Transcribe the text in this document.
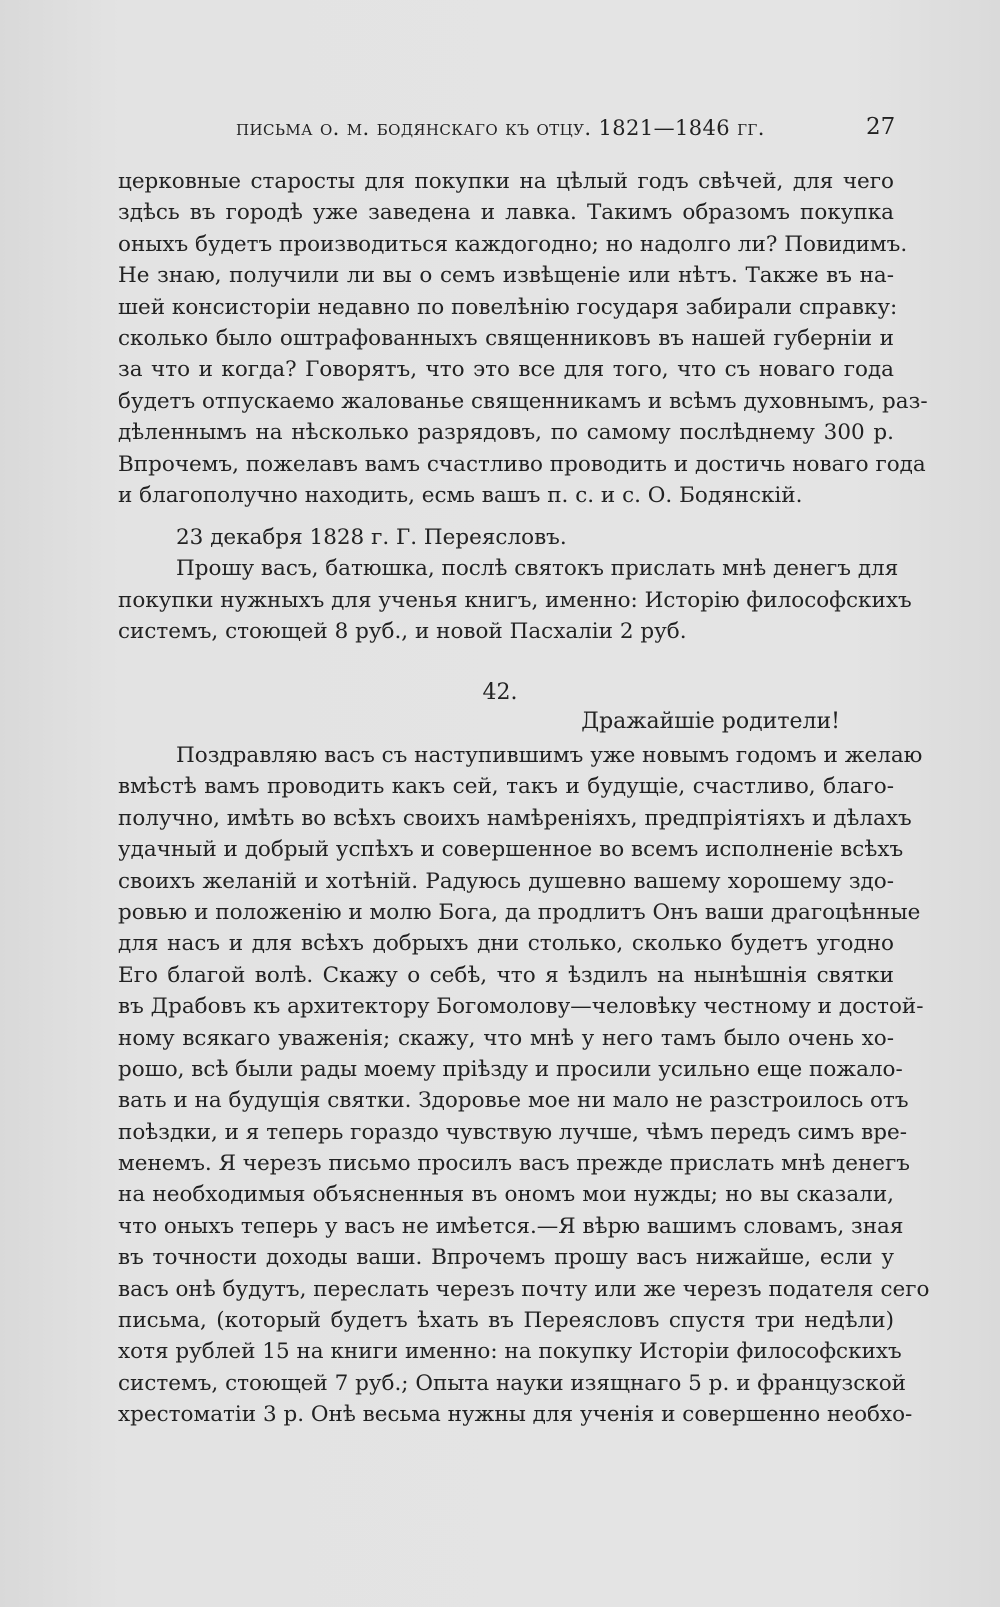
письма о. м. бодянскаго къ отцу. 1821—1846 гг.	27
церковные старосты для покупки на цѣлый годъ свѣчей, для чего
здѣсь въ городѣ уже заведена и лавка. Такимъ образомъ покупка
оныхъ будетъ производиться каждогодно; но надолго ли? Повидимъ.
Не знаю, получили ли вы о семъ извѣщеніе или нѣтъ. Также въ на-
шей консисторіи недавно по повелѣнію государя забирали справку:
сколько было оштрафованныхъ священниковъ въ нашей губерніи и
за что и когда? Говорятъ, что это все для того, что съ новаго года
будетъ отпускаемо жалованье священникамъ и всѣмъ духовнымъ, раз-
дѣленнымъ на нѣсколько разрядовъ, по самому послѣднему 300 р.
Впрочемъ, пожелавъ вамъ счастливо проводить и достичь новаго года
и благополучно находить, есмь вашъ п. с. и с. О. Бодянскій.
23 декабря 1828 г. Г. Переясловъ.
Прошу васъ, батюшка, послѣ святокъ прислать мнѣ денегъ для
покупки нужныхъ для ученья книгъ, именно: Исторію философскихъ
системъ, стоющей 8 руб., и новой Пасхаліи 2 руб.
42.
Дражайшіе родители!
Поздравляю васъ съ наступившимъ уже новымъ годомъ и желаю
вмѣстѣ вамъ проводить какъ сей, такъ и будущіе, счастливо, благо-
получно, имѣть во всѣхъ своихъ намѣреніяхъ, предпріятіяхъ и дѣлахъ
удачный и добрый успѣхъ и совершенное во всемъ исполненіе всѣхъ
своихъ желаній и хотѣній. Радуюсь душевно вашему хорошему здо-
ровью и положенію и молю Бога, да продлитъ Онъ ваши драгоцѣнные
для насъ и для всѣхъ добрыхъ дни столько, сколько будетъ угодно
Его благой волѣ. Скажу о себѣ, что я ѣздилъ на нынѣшнія святки
въ Драбовъ къ архитектору Богомолову—человѣку честному и достой-
ному всякаго уваженія; скажу, что мнѣ у него тамъ было очень хо-
рошо, всѣ были рады моему пріѣзду и просили усильно еще пожало-
вать и на будущія святки. Здоровье мое ни мало не разстроилось отъ
поѣздки, и я теперь гораздо чувствую лучше, чѣмъ передъ симъ вре-
менемъ. Я черезъ письмо просилъ васъ прежде прислать мнѣ денегъ
на необходимыя объясненныя въ ономъ мои нужды; но вы сказали,
что оныхъ теперь у васъ не имѣется.—Я вѣрю вашимъ словамъ, зная
въ точности доходы ваши. Впрочемъ прошу васъ нижайше, если у
васъ онѣ будутъ, переслать черезъ почту или же черезъ подателя сего
письма, (который будетъ ѣхать въ Переясловъ спустя три недѣли)
хотя рублей 15 на книги именно: на покупку Исторіи философскихъ
системъ, стоющей 7 руб.; Опыта науки изящнаго 5 р. и французской
хрестоматіи 3 р. Онѣ весьма нужны для ученія и совершенно необхо-
